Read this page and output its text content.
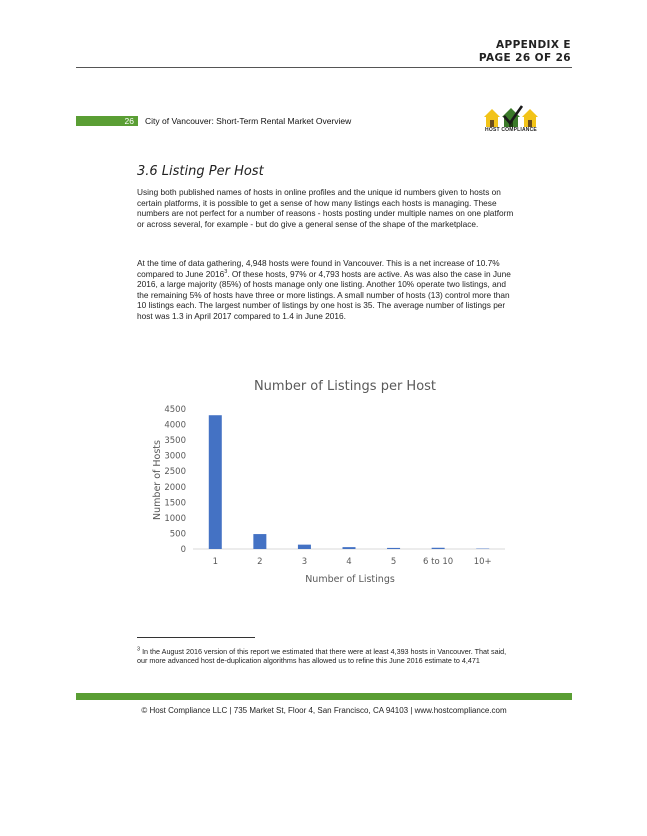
APPENDIX E
PAGE 26 OF 26
26	City of Vancouver: Short-Term Rental Market Overview
HOST COMPLIANCE
3.6 Listing Per Host

Using both published names of hosts in online profiles and the unique id numbers given to hosts on certain platforms, it is possible to get a sense of how many listings each hosts is managing. These numbers are not perfect for a number of reasons - hosts posting under multiple names on one platform or across several, for example - but do give a general sense of the shape of the marketplace.

At the time of data gathering, 4,948 hosts were found in Vancouver. This is a net increase of 10.7% compared to June 2016$^3$. Of these hosts, 97% or 4,793 hosts are active. As was also the case in June 2016, a large majority (85%) of hosts manage only one listing. Another 10% operate two listings, and the remaining 5% of hosts have three or more listings. A small number of hosts (13) control more than 10 listings each. The largest number of listings by one host is 35. The average number of listings per host was 1.3 in April 2017 compared to 1.4 in June 2016.

Number of Listings per Host
Number of Hosts
Number of Listings
0
500
1000
1500
2000
2500
3000
3500
4000
4500
1	2	3	4	5	6 to 10 10+

$^3$ In the August 2016 version of this report we estimated that there were at least 4,393 hosts in Vancouver. That said, our more advanced host de-duplication algorithms has allowed us to refine this June 2016 estimate to 4,471

© Host Compliance LLC | 735 Market St, Floor 4, San Francisco, CA 94103 | www.hostcompliance.com
